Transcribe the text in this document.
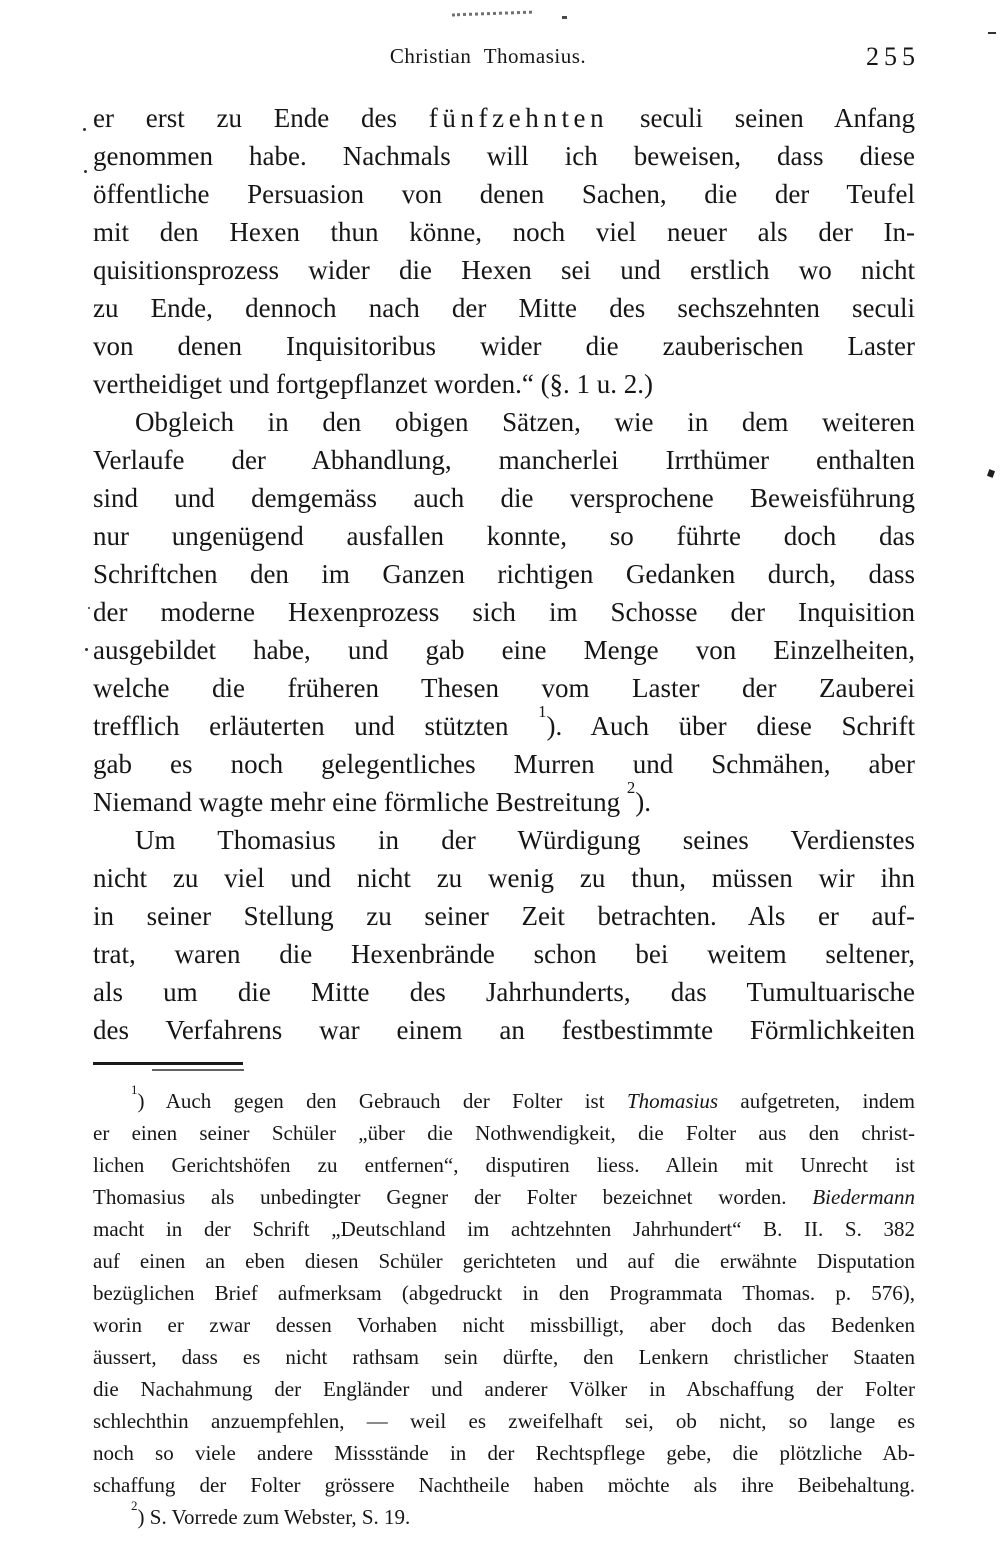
Christian Thomasius.	255
er erst zu Ende des fünfzehnten seculi seinen Anfang
genommen habe. Nachmals will ich beweisen, dass diese
öffentliche Persuasion von denen Sachen, die der Teufel
mit den Hexen thun könne, noch viel neuer als der In-
quisitionsprozess wider die Hexen sei und erstlich wo nicht
zu Ende, dennoch nach der Mitte des sechszehnten seculi
von denen Inquisitoribus wider die zauberischen Laster
vertheidiget und fortgepflanzet worden.“ (§. 1 u. 2.)
Obgleich in den obigen Sätzen, wie in dem weiteren
Verlaufe der Abhandlung, mancherlei Irrthümer enthalten
sind und demgemäss auch die versprochene Beweisführung
nur ungenügend ausfallen konnte, so führte doch das
Schriftchen den im Ganzen richtigen Gedanken durch, dass
der moderne Hexenprozess sich im Schosse der Inquisition
ausgebildet habe, und gab eine Menge von Einzelheiten,
welche die früheren Thesen vom Laster der Zauberei
trefflich erläuterten und stützten $^1$). Auch über diese Schrift
gab es noch gelegentliches Murren und Schmähen, aber
Niemand wagte mehr eine förmliche Bestreitung $^2$).
Um Thomasius in der Würdigung seines Verdienstes
nicht zu viel und nicht zu wenig zu thun, müssen wir ihn
in seiner Stellung zu seiner Zeit betrachten. Als er auf-
trat, waren die Hexenbrände schon bei weitem seltener,
als um die Mitte des Jahrhunderts, das Tumultuarische
des Verfahrens war einem an festbestimmte Förmlichkeiten
$^1$) Auch gegen den Gebrauch der Folter ist Thomasius aufgetreten, indem
er einen seiner Schüler „über die Nothwendigkeit, die Folter aus den christ-
lichen Gerichtshöfen zu entfernen“, disputiren liess. Allein mit Unrecht ist
Thomasius als unbedingter Gegner der Folter bezeichnet worden. Biedermann
macht in der Schrift „Deutschland im achtzehnten Jahrhundert“ B. II. S. 382
auf einen an eben diesen Schüler gerichteten und auf die erwähnte Disputation
bezüglichen Brief aufmerksam (abgedruckt in den Programmata Thomas. p. 576),
worin er zwar dessen Vorhaben nicht missbilligt, aber doch das Bedenken
äussert, dass es nicht rathsam sein dürfte, den Lenkern christlicher Staaten
die Nachahmung der Engländer und anderer Völker in Abschaffung der Folter
schlechthin anzuempfehlen, — weil es zweifelhaft sei, ob nicht, so lange es
noch so viele andere Missstände in der Rechtspflege gebe, die plötzliche Ab-
schaffung der Folter grössere Nachtheile haben möchte als ihre Beibehaltung.
$^2$) S. Vorrede zum Webster, S. 19.
